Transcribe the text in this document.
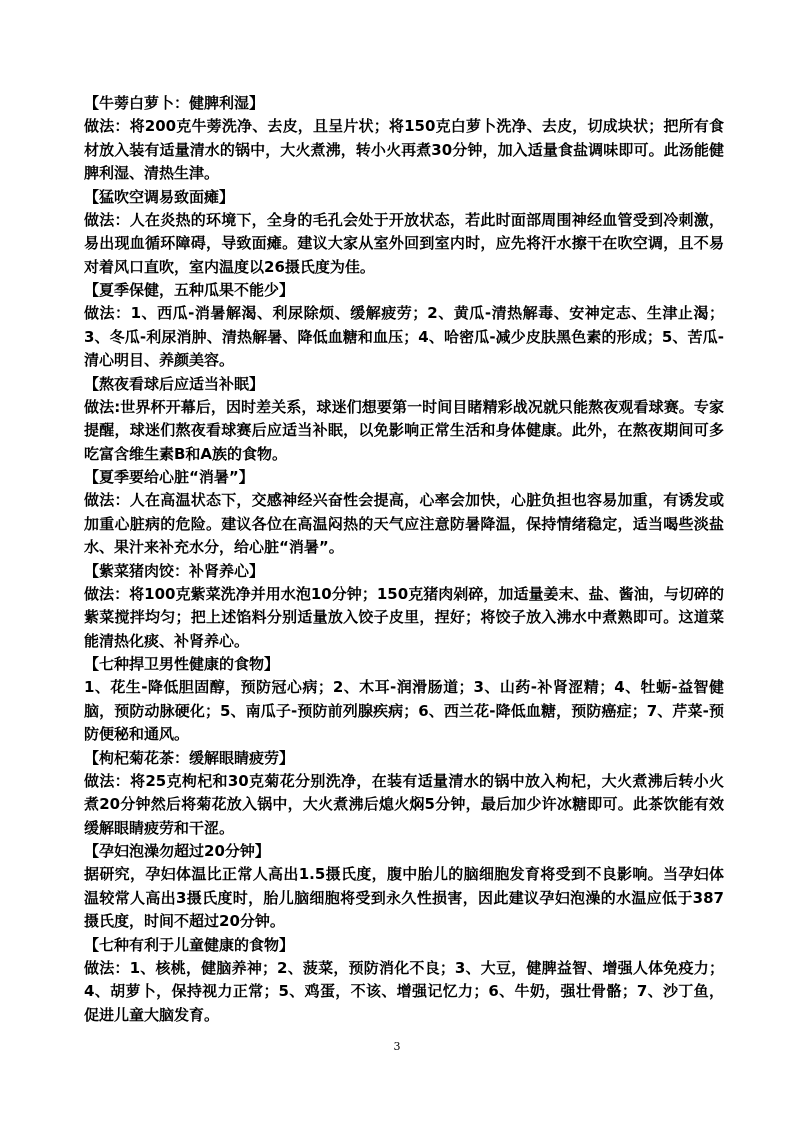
【牛蒡白萝卜：健脾利湿】
做法：将200克牛蒡洗净、去皮，且呈片状；将150克白萝卜洗净、去皮，切成块状；把所有食材放入装有适量清水的锅中，大火煮沸，转小火再煮30分钟，加入适量食盐调味即可。此汤能健脾利湿、清热生津。
【猛吹空调易致面瘫】
做法：人在炎热的环境下，全身的毛孔会处于开放状态，若此时面部周围神经血管受到冷刺激，易出现血循环障碍，导致面瘫。建议大家从室外回到室内时，应先将汗水擦干在吹空调，且不易对着风口直吹，室内温度以26摄氏度为佳。
【夏季保健，五种瓜果不能少】
做法：1、西瓜-消暑解渴、利尿除烦、缓解疲劳；2、黄瓜-清热解毒、安神定志、生津止渴；3、冬瓜-利尿消肿、清热解暑、降低血糖和血压；4、哈密瓜-减少皮肤黑色素的形成；5、苦瓜-清心明目、养颜美容。
【熬夜看球后应适当补眠】
做法:世界杯开幕后，因时差关系，球迷们想要第一时间目睹精彩战况就只能熬夜观看球赛。专家提醒，球迷们熬夜看球赛后应适当补眠，以免影响正常生活和身体健康。此外，在熬夜期间可多吃富含维生素B和A族的食物。
【夏季要给心脏“消暑”】
做法：人在高温状态下，交感神经兴奋性会提高，心率会加快，心脏负担也容易加重，有诱发或加重心脏病的危险。建议各位在高温闷热的天气应注意防暑降温，保持情绪稳定，适当喝些淡盐水、果汁来补充水分，给心脏“消暑”。
【紫菜猪肉饺：补肾养心】
做法：将100克紫菜洗净并用水泡10分钟；150克猪肉剁碎，加适量姜末、盐、酱油，与切碎的紫菜搅拌均匀；把上述馅料分别适量放入饺子皮里，捏好；将饺子放入沸水中煮熟即可。这道菜能清热化痰、补肾养心。
【七种捍卫男性健康的食物】
1、花生-降低胆固醇，预防冠心病；2、木耳-润滑肠道；3、山药-补肾涩精；4、牡蛎-益智健脑，预防动脉硬化；5、南瓜子-预防前列腺疾病；6、西兰花-降低血糖，预防癌症；7、芹菜-预防便秘和通风。
【枸杞菊花茶：缓解眼睛疲劳】
做法：将25克枸杞和30克菊花分别洗净，在装有适量清水的锅中放入枸杞，大火煮沸后转小火煮20分钟然后将菊花放入锅中，大火煮沸后熄火焖5分钟，最后加少许冰糖即可。此茶饮能有效缓解眼睛疲劳和干涩。
【孕妇泡澡勿超过20分钟】
据研究，孕妇体温比正常人高出1.5摄氏度，腹中胎儿的脑细胞发育将受到不良影响。当孕妇体温较常人高出3摄氏度时，胎儿脑细胞将受到永久性损害，因此建议孕妇泡澡的水温应低于387摄氏度，时间不超过20分钟。
【七种有利于儿童健康的食物】
做法：1、核桃，健脑养神；2、菠菜，预防消化不良；3、大豆，健脾益智、增强人体免疫力；4、胡萝卜，保持视力正常；5、鸡蛋，不该、增强记忆力；6、牛奶，强壮骨骼；7、沙丁鱼，促进儿童大脑发育。
3
